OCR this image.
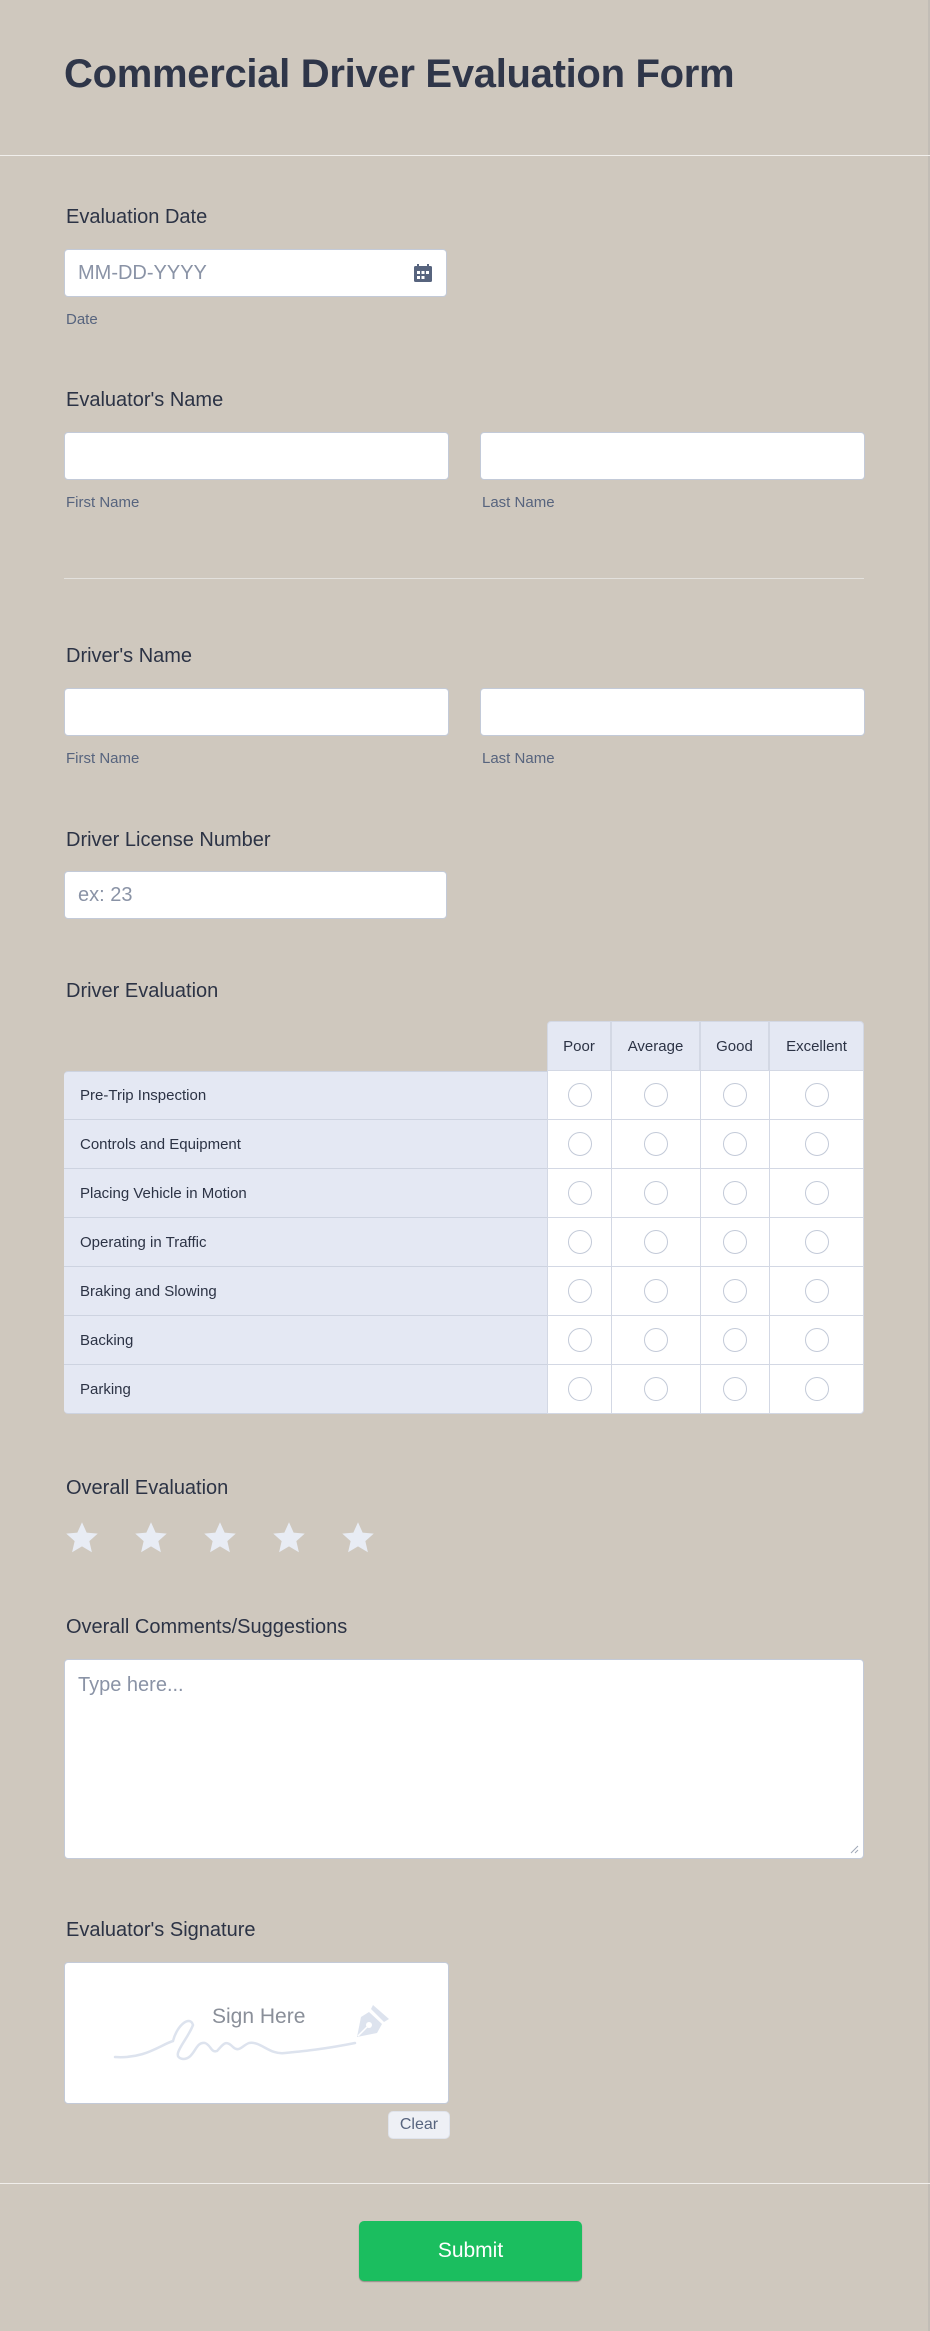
Commercial Driver Evaluation Form
Evaluation Date
MM-DD-YYYY
Date
Evaluator's Name
First Name	Last Name
Driver's Name
First Name	Last Name
Driver License Number
ex: 23
Driver Evaluation
Poor	Average	Good	Excellent
Pre-Trip Inspection
Controls and Equipment
Placing Vehicle in Motion
Operating in Traffic
Braking and Slowing
Backing
Parking
Overall Evaluation
Overall Comments/Suggestions
Type here...
Evaluator's Signature
Sign Here
Clear
Submit
